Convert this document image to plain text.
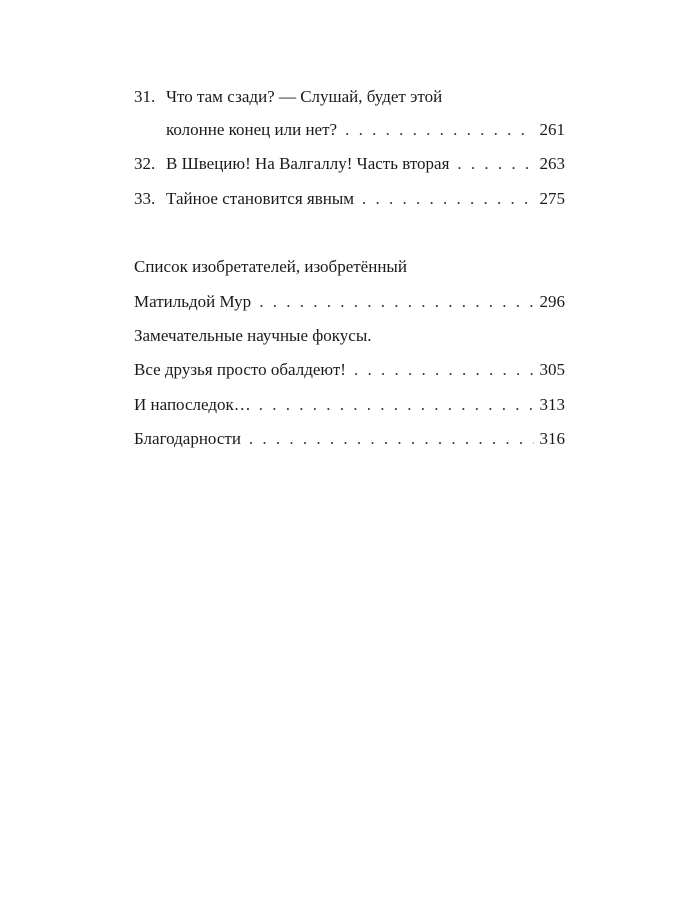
31. Что там сзади? — Слушай, будет этой
колонне конец или нет? . . .	261
32. В Швецию! На Валгаллу! Часть вторая . . .	263
33. Тайное становится явным . . .	275
Список изобретателей, изобретённый
Матильдой Мур . . .	296
Замечательные научные фокусы.
Все друзья просто обалдеют! . . .	305
И напоследок… . . .	313
Благодарности . . .	316
